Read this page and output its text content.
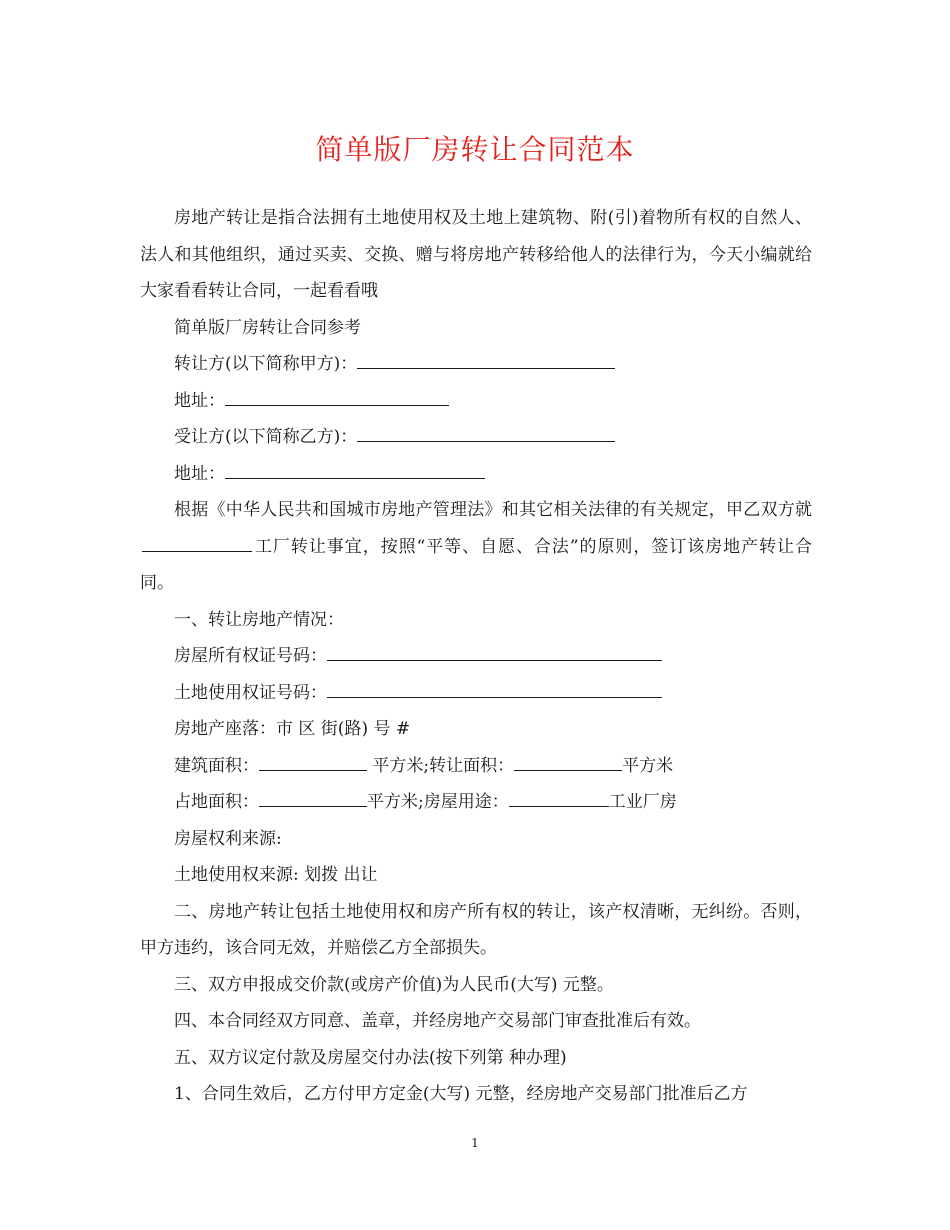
简单版厂房转让合同范本

房地产转让是指合法拥有土地使用权及土地上建筑物、附(引)着物所有权的自然人、法人和其他组织，通过买卖、交换、赠与将房地产转移给他人的法律行为，今天小编就给大家看看转让合同，一起看看哦

简单版厂房转让合同参考

转让方(以下简称甲方)：

地址：

受让方(以下简称乙方)：

地址：

根据《中华人民共和国城市房地产管理法》和其它相关法律的有关规定，甲乙双方就工厂转让事宜，按照“平等、自愿、合法”的原则，签订该房地产转让合同。

一、转让房地产情况：

房屋所有权证号码：

土地使用权证号码：

房地产座落：市 区 街(路) 号 #

建筑面积：	平方米;转让面积：	平方米

占地面积：	平方米;房屋用途：	工业厂房

房屋权利来源:

土地使用权来源: 划拨 出让

二、房地产转让包括土地使用权和房产所有权的转让，该产权清晰，无纠纷。否则，甲方违约，该合同无效，并赔偿乙方全部损失。

三、双方申报成交价款(或房产价值)为人民币(大写) 元整。

四、本合同经双方同意、盖章，并经房地产交易部门审查批准后有效。

五、双方议定付款及房屋交付办法(按下列第 种办理)

1、合同生效后，乙方付甲方定金(大写) 元整，经房地产交易部门批准后乙方

1
